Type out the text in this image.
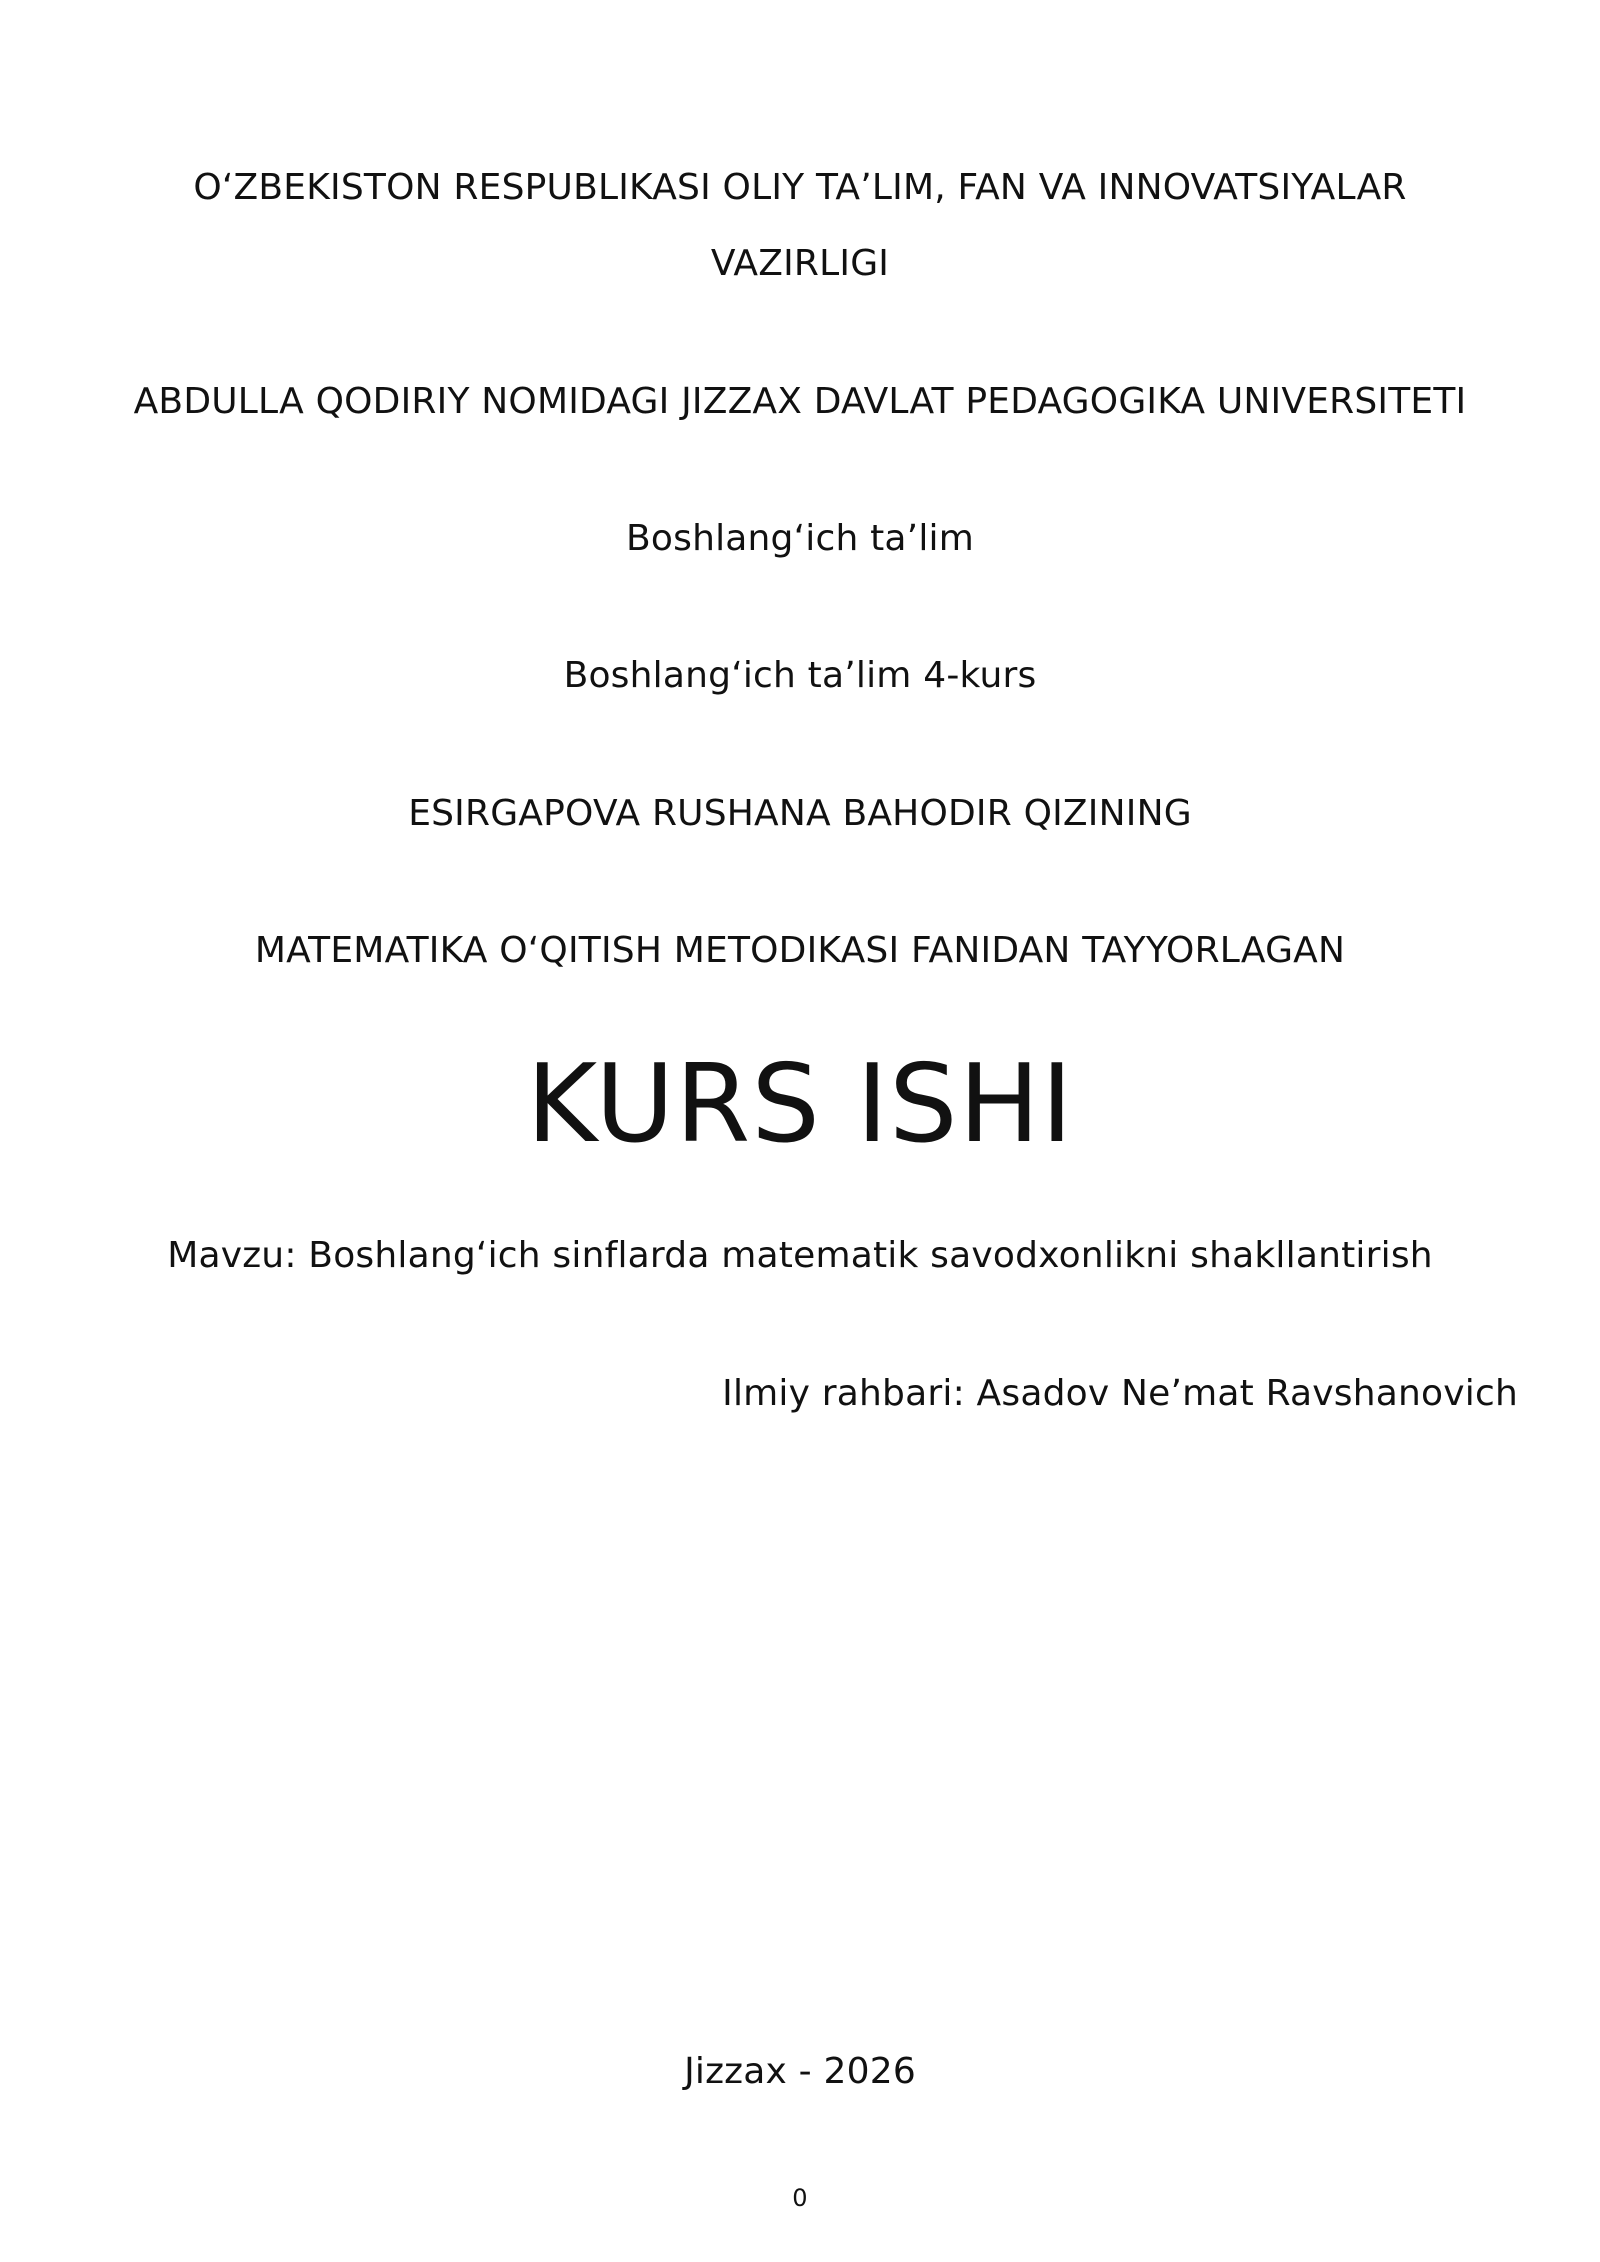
O‘ZBEKISTON RESPUBLIKASI OLIY TA’LIM, FAN VA INNOVATSIYALAR
VAZIRLIGI
ABDULLA QODIRIY NOMIDAGI JIZZAX DAVLAT PEDAGOGIKA UNIVERSITETI
Boshlang‘ich ta’lim
Boshlang‘ich ta’lim 4-kurs
ESIRGAPOVA RUSHANA BAHODIR QIZINING
MATEMATIKA O‘QITISH METODIKASI FANIDAN TAYYORLAGAN
KURS ISHI
Mavzu: Boshlang‘ich sinflarda matematik savodxonlikni shakllantirish
Ilmiy rahbari: Asadov Ne’mat Ravshanovich
Jizzax - 2026
0
